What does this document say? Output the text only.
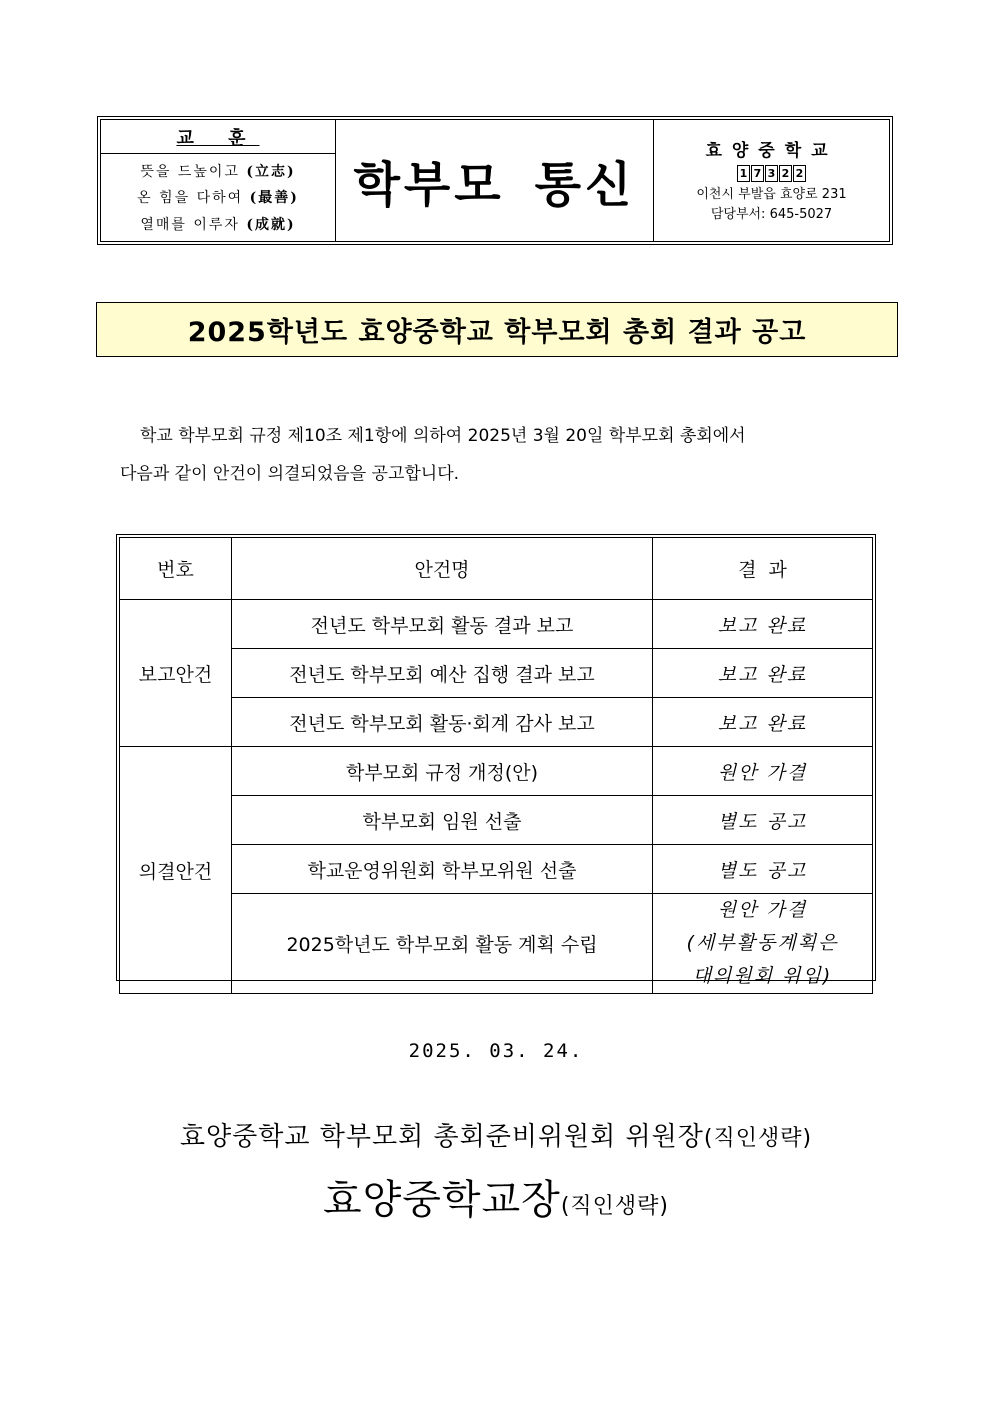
교 훈
뜻을 드높이고 (立志)
온 힘을 다하여 (最善)
열매를 이루자 (成就)
학부모 통신
효양중학교
1 7 3 2 2
이천시 부발읍 효양로 231
담당부서: 645-5027
2025학년도 효양중학교 학부모회 총회 결과 공고

학교 학부모회 규정 제10조 제1항에 의하여 2025년 3월 20일 학부모회 총회에서

다음과 같이 안건이 의결되었음을 공고합니다.

번호	안건명	결  과
보고안건	전년도 학부모회 활동 결과 보고	보고 완료
	전년도 학부모회 예산 집행 결과 보고	보고 완료
	전년도 학부모회 활동·회계 감사 보고	보고 완료
의결안건	학부모회 규정 개정(안)	원안 가결
	학부모회 임원 선출	별도 공고
	학교운영위원회 학부모위원 선출	별도 공고
	2025학년도 학부모회 활동 계획 수립	원안 가결
(세부활동계획은
대의원회 위임)
2025. 03. 24.
효양중학교 학부모회 총회준비위원회 위원장(직인생략)
효양중학교장(직인생략)
